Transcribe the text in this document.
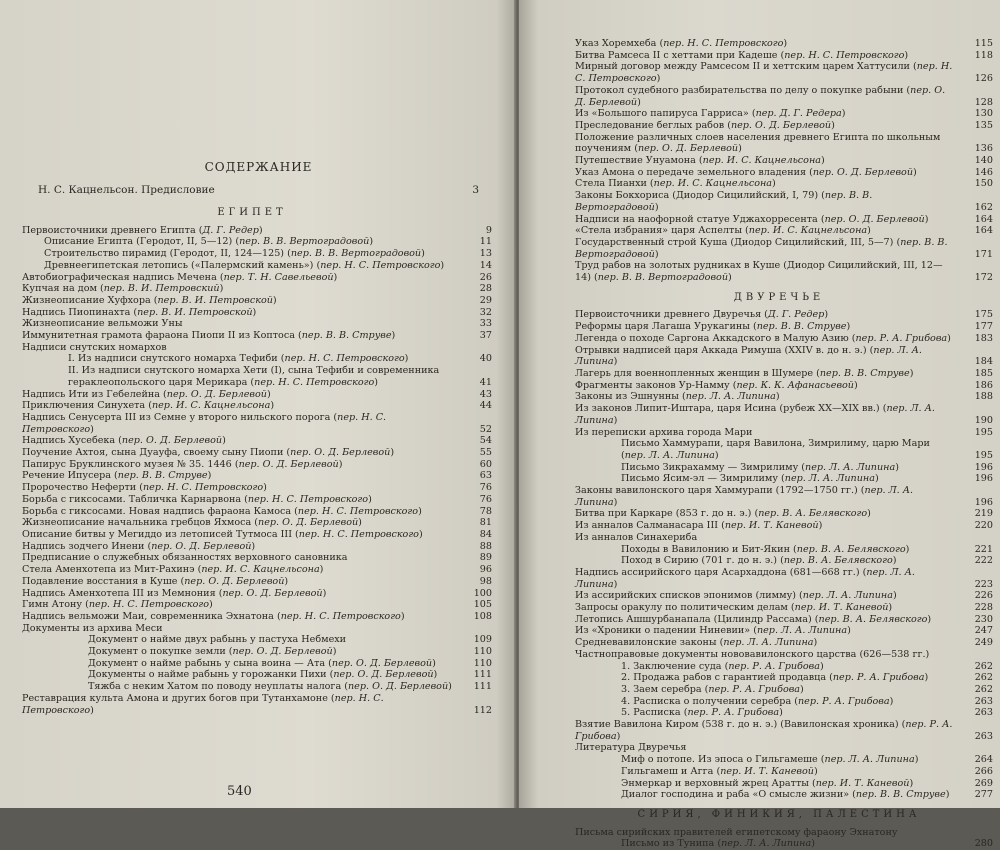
СОДЕРЖАНИЕ
Н. С. Кацнельсон. Предисловие	3
ЕГИПЕТ
Первоисточники древнего Египта (Д. Г. Редер)	9
Описание Египта (Геродот, II, 5—12) (пер. В. В. Вертоградовой)	11
Строительство пирамид (Геродот, II, 124—125) (пер. В. В. Вертоградовой)	13
Древнеегипетская летопись («Палермский камень») (пер. Н. С. Петровского)	14
Автобиографическая надпись Мечена (пер. Т. Н. Савельевой)	26
Купчая на дом (пер. В. И. Петровский)	28
Жизнеописание Хуфхора (пер. В. И. Петровской)	29
Надпись Пиопинахта (пер. В. И. Петровской)	32
Жизнеописание вельможи Уны	33
Иммунитетная грамота фараона Пиопи II из Коптоса (пер. В. В. Струве)	37
Надписи снутских номархов
I. Из надписи снутского номарха Тефиби (пер. Н. С. Петровского)	40
II. Из надписи снутского номарха Хети (I), сына Тефиби и современника гераклеопольского царя Мерикара (пер. Н. С. Петровского)	41
Надпись Ити из Гебелейна (пер. О. Д. Берлевой)	43
Приключения Синухета (пер. И. С. Кацнельсона)	44
Надпись Сенусерта III из Семне у второго нильского порога (пер. Н. С. Петровского)	52
Надпись Хусебека (пер. О. Д. Берлевой)	54
Поучение Ахтоя, сына Дуауфа, своему сыну Пиопи (пер. О. Д. Берлевой)	55
Папирус Бруклинского музея № 35. 1446 (пер. О. Д. Берлевой)	60
Речение Ипусера (пер. В. В. Струве)	63
Пророчество Неферти (пер. Н. С. Петровского)	76
Борьба с гиксосами. Табличка Карнарвона (пер. Н. С. Петровского)	76
Борьба с гиксосами. Новая надпись фараона Камоса (пер. Н. С. Петровского)	78
Жизнеописание начальника гребцов Яхмоса (пер. О. Д. Берлевой)	81
Описание битвы у Мегиддо из летописей Тутмоса III (пер. Н. С. Петровского)	84
Надпись зодчего Инени (пер. О. Д. Берлевой)	88
Предписание о служебных обязанностях верховного сановника	89
Стела Аменхотепа из Мит-Рахинэ (пер. И. С. Кацнельсона)	96
Подавление восстания в Куше (пер. О. Д. Берлевой)	98
Надпись Аменхотепа III из Мемнония (пер. О. Д. Берлевой)	100
Гимн Атону (пер. Н. С. Петровского)	105
Надпись вельможи Маи, современника Эхнатона (пер. Н. С. Петровского)	108
Документы из архива Меси
Документ о найме двух рабынь у пастуха Небмехи	109
Документ о покупке земли (пер. О. Д. Берлевой)	110
Документ о найме рабынь у сына воина — Ата (пер. О. Д. Берлевой)	110
Документы о найме рабынь у горожанки Пихи (пер. О. Д. Берлевой)	111
Тяжба с неким Хатом по поводу неуплаты налога (пер. О. Д. Берлевой) 111
Реставрация культа Амона и других богов при Тутанхамоне (пер. Н. С. Петровского)	112
540
Указ Хоремхеба (пер. Н. С. Петровского)	115
Битва Рамсеса II с хеттами при Кадеше (пер. Н. С. Петровского)	118
Мирный договор между Рамсесом II и хеттским царем Хаттусили (пер. Н. С. Петровского)	126
Протокол судебного разбирательства по делу о покупке рабыни (пер. О. Д. Берлевой)	128
Из «Большого папируса Гарриса» (пер. Д. Г. Редера)	130
Преследование беглых рабов (пер. О. Д. Берлевой)	135
Положение различных слоев населения древнего Египта по школьным поучениям (пер. О. Д. Берлевой)	136
Путешествие Унуамона (пер. И. С. Кацнельсона)	140
Указ Амона о передаче земельного владения (пер. О. Д. Берлевой)	146
Стела Пианхи (пер. И. С. Кацнельсона)	150
Законы Бокхориса (Диодор Сицилийский, I, 79) (пер. В. В. Вертоградовой)	162
Надписи на наофорной статуе Уджахорресента (пер. О. Д. Берлевой)	164
«Стела избрания» царя Аспелты (пер. И. С. Кацнельсона)	164
Государственный строй Куша (Диодор Сицилийский, III, 5—7) (пер. В. В. Вертоградовой)	171
Труд рабов на золотых рудниках в Куше (Диодор Сицилийский, III, 12—14) (пер. В. В. Вертоградовой)	172
ДВУРЕЧЬЕ
Первоисточники древнего Двуречья (Д. Г. Редер)	175
Реформы царя Лагаша Урукагины (пер. В. В. Струве)	177
Легенда о походе Саргона Аккадского в Малую Азию (пер. Р. А. Грибова) 183
Отрывки надписей царя Аккада Римуша (XXIV в. до н. э.) (пер. Л. А. Липина)	184
Лагерь для военнопленных женщин в Шумере (пер. В. В. Струве)	185
Фрагменты законов Ур-Намму (пер. К. К. Афанасьевой)	186
Законы из Эшнунны (пер. Л. А. Липина)	188
Из законов Липит-Иштара, царя Исина (рубеж XX—XIX вв.) (пер. Л. А. Липина)	190
Из переписки архива города Мари	195
Письмо Хаммурапи, царя Вавилона, Зимрилиму, царю Мари (пер. Л. А. Липина)	195
Письмо Зикрахамму — Зимрилиму (пер. Л. А. Липина)	196
Письмо Ясим-эл — Зимрилиму (пер. Л. А. Липина)	196
Законы вавилонского царя Хаммурапи (1792—1750 гг.) (пер. Л. А. Липина)	196
Битва при Каркаре (853 г. до н. э.) (пер. В. А. Белявского)	219
Из анналов Салманасара III (пер. И. Т. Каневой)	220
Из анналов Синахериба
Походы в Вавилонию и Бит-Якин (пер. В. А. Белявского)	221
Поход в Сирию (701 г. до н. э.) (пер. В. А. Белявского)	222
Надпись ассирийского царя Асархаддона (681—668 гг.) (пер. Л. А. Липина)	223
Из ассирийских списков эпонимов (лимму) (пер. Л. А. Липина)	226
Запросы оракулу по политическим делам (пер. И. Т. Каневой)	228
Летопись Ашшурбанапала (Цилиндр Рассама) (пер. В. А. Белявского)	230
Из «Хроники о падении Ниневии» (пер. Л. А. Липина)	247
Средневавилонские законы (пер. Л. А. Липина)	249
Частноправовые документы нововавилонского царства (626—538 гг.)
1. Заключение суда (пер. Р. А. Грибова)	262
2. Продажа рабов с гарантией продавца (пер. Р. А. Грибова)	262
3. Заем серебра (пер. Р. А. Грибова)	262
4. Расписка о получении серебра (пер. Р. А. Грибова)	263
5. Расписка (пер. Р. А. Грибова)	263
Взятие Вавилона Киром (538 г. до н. э.) (Вавилонская хроника) (пер. Р. А. Грибова)	263
Литература Двуречья
Миф о потопе. Из эпоса о Гильгамеше (пер. Л. А. Липина)	264
Гильгамеш и Агга (пер. И. Т. Каневой)	266
Энмеркар и верховный жрец Аратты (пер. И. Т. Каневой)	269
Диалог господина и раба «О смысле жизни» (пер. В. В. Струве)	277
СИРИЯ, ФИНИКИЯ, ПАЛЕСТИНА
Письма сирийских правителей египетскому фараону Эхнатону
Письмо из Тунипа (пер. Л. А. Липина)	280
